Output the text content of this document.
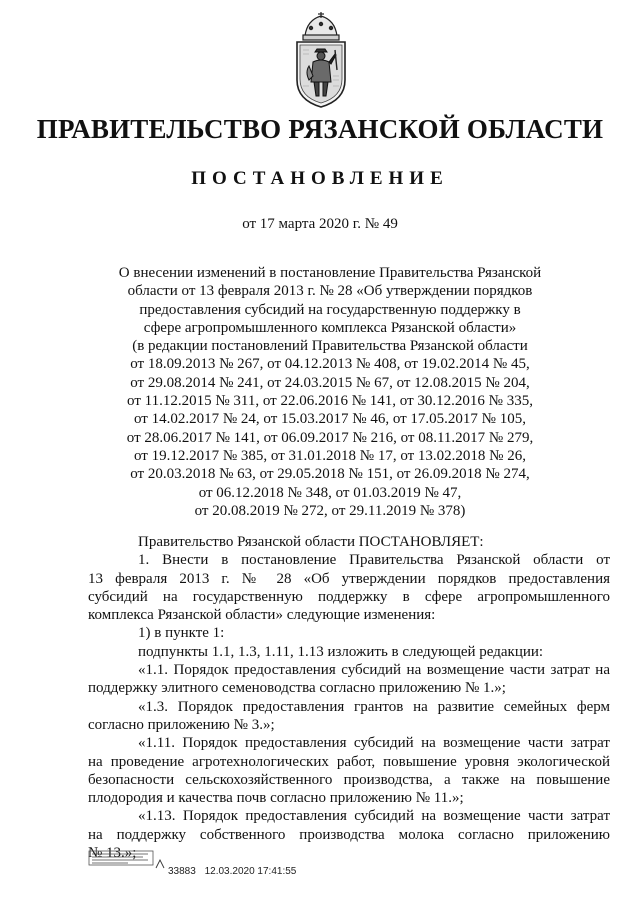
ПРАВИТЕЛЬСТВО РЯЗАНСКОЙ ОБЛАСТИ
ПОСТАНОВЛЕНИЕ
от 17 марта 2020 г. № 49
О внесении изменений в постановление Правительства Рязанской
области от 13 февраля 2013 г. № 28 «Об утверждении порядков
предоставления субсидий на государственную поддержку в
сфере агропромышленного комплекса Рязанской области»
(в редакции постановлений Правительства Рязанской области
от 18.09.2013 № 267, от 04.12.2013 № 408, от 19.02.2014 № 45,
от 29.08.2014 № 241, от 24.03.2015 № 67, от 12.08.2015 № 204,
от 11.12.2015 № 311, от 22.06.2016 № 141, от 30.12.2016 № 335,
от 14.02.2017 № 24, от 15.03.2017 № 46, от 17.05.2017 № 105,
от 28.06.2017 № 141, от 06.09.2017 № 216, от 08.11.2017 № 279,
от 19.12.2017 № 385, от 31.01.2018 № 17, от 13.02.2018 № 26,
от 20.03.2018 № 63, от 29.05.2018 № 151, от 26.09.2018 № 274,
от 06.12.2018 № 348, от 01.03.2019 № 47,
от 20.08.2019 № 272, от 29.11.2019 № 378)
Правительство Рязанской области ПОСТАНОВЛЯЕТ:
1. Внести в постановление Правительства Рязанской области от
13 февраля 2013 г. № 28 «Об утверждении порядков предоставления
субсидий на государственную поддержку в сфере агропромышленного
комплекса Рязанской области» следующие изменения:
1) в пункте 1:
подпункты 1.1, 1.3, 1.11, 1.13 изложить в следующей редакции:
«1.1. Порядок предоставления субсидий на возмещение части затрат на
поддержку элитного семеноводства согласно приложению № 1.»;
«1.3. Порядок предоставления грантов на развитие семейных ферм
согласно приложению № 3.»;
«1.11. Порядок предоставления субсидий на возмещение части затрат
на проведение агротехнологических работ, повышение уровня экологической
безопасности сельскохозяйственного производства, а также на повышение
плодородия и качества почв согласно приложению № 11.»;
«1.13. Порядок предоставления субсидий на возмещение части затрат
на поддержку собственного производства молока согласно приложению
№ 13.»;
33883 12.03.2020 17:41:55
